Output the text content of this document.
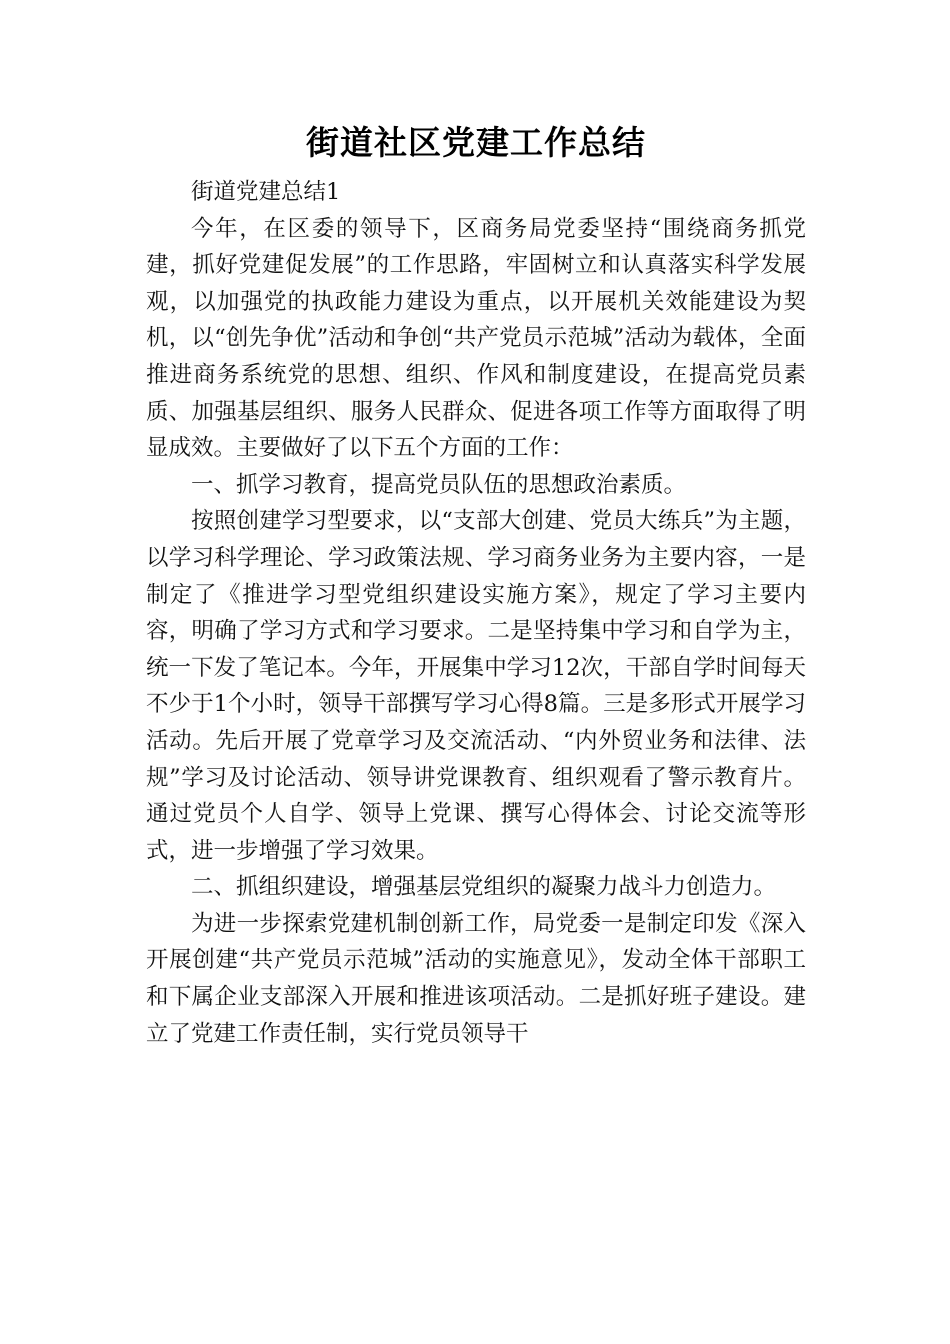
街道社区党建工作总结

街道党建总结1

今年，在区委的领导下，区商务局党委坚持“围绕商务抓党建，抓好党建促发展”的工作思路，牢固树立和认真落实科学发展观，以加强党的执政能力建设为重点，以开展机关效能建设为契机，以“创先争优”活动和争创“共产党员示范城”活动为载体，全面推进商务系统党的思想、组织、作风和制度建设，在提高党员素质、加强基层组织、服务人民群众、促进各项工作等方面取得了明显成效。主要做好了以下五个方面的工作：

一、抓学习教育，提高党员队伍的思想政治素质。

按照创建学习型要求，以“支部大创建、党员大练兵”为主题，以学习科学理论、学习政策法规、学习商务业务为主要内容，一是制定了《推进学习型党组织建设实施方案》，规定了学习主要内容，明确了学习方式和学习要求。二是坚持集中学习和自学为主，统一下发了笔记本。今年，开展集中学习12次，干部自学时间每天不少于1个小时，领导干部撰写学习心得8篇。三是多形式开展学习活动。先后开展了党章学习及交流活动、“内外贸业务和法律、法规”学习及讨论活动、领导讲党课教育、组织观看了警示教育片。通过党员个人自学、领导上党课、撰写心得体会、讨论交流等形式，进一步增强了学习效果。

二、抓组织建设，增强基层党组织的凝聚力战斗力创造力。

为进一步探索党建机制创新工作，局党委一是制定印发《深入开展创建“共产党员示范城”活动的实施意见》，发动全体干部职工和下属企业支部深入开展和推进该项活动。二是抓好班子建设。建立了党建工作责任制，实行党员领导干
